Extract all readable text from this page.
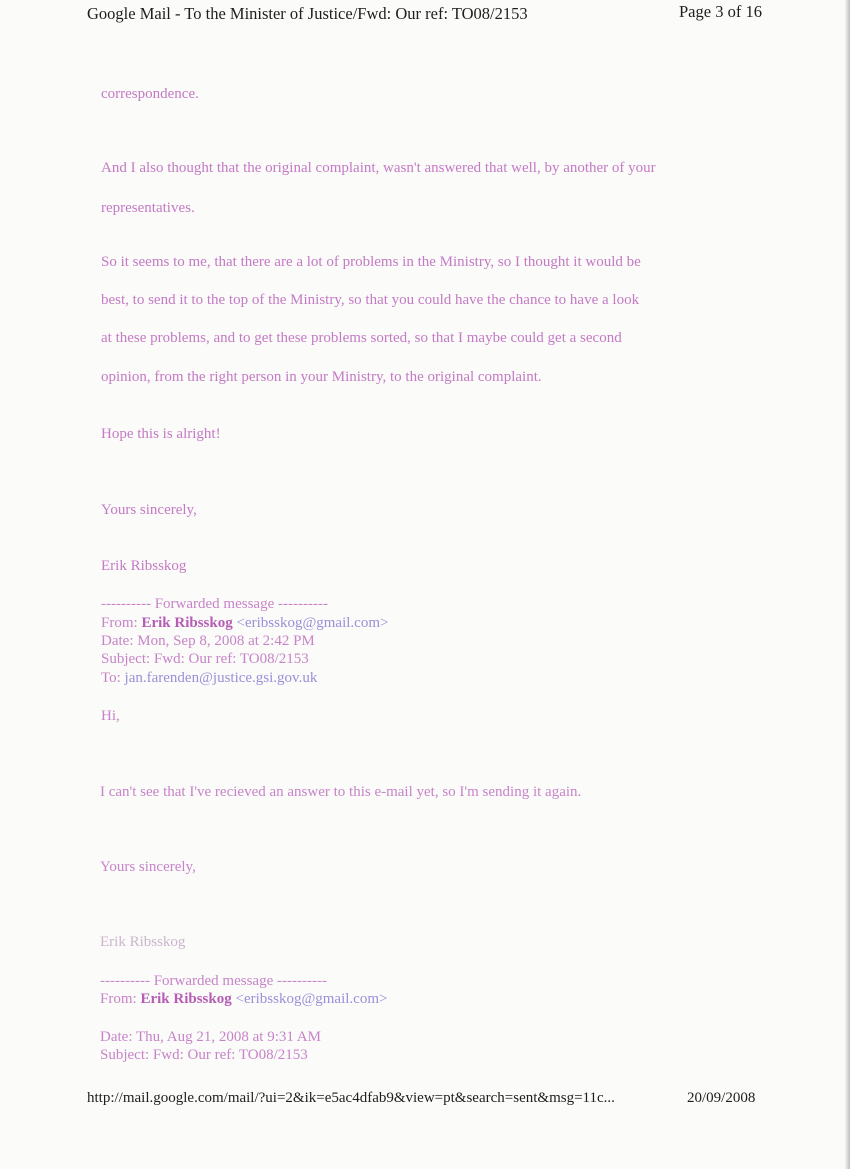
Google Mail - To the Minister of Justice/Fwd: Our ref: TO08/2153	Page 3 of 16
correspondence.
And I also thought that the original complaint, wasn't answered that well, by another of your
representatives.
So it seems to me, that there are a lot of problems in the Ministry, so I thought it would be
best, to send it to the top of the Ministry, so that you could have the chance to have a look
at these problems, and to get these problems sorted, so that I maybe could get a second
opinion, from the right person in your Ministry, to the original complaint.
Hope this is alright!
Yours sincerely,
Erik Ribsskog
---------- Forwarded message ----------
From: Erik Ribsskog <eribsskog@gmail.com>
Date: Mon, Sep 8, 2008 at 2:42 PM
Subject: Fwd: Our ref: TO08/2153
To: jan.farenden@justice.gsi.gov.uk
Hi,
I can't see that I've recieved an answer to this e-mail yet, so I'm sending it again.
Yours sincerely,
Erik Ribsskog
---------- Forwarded message ----------
From: Erik Ribsskog <eribsskog@gmail.com>
Date: Thu, Aug 21, 2008 at 9:31 AM
Subject: Fwd: Our ref: TO08/2153
http://mail.google.com/mail/?ui=2&ik=e5ac4dfab9&view=pt&search=sent&msg=11c...	20/09/2008
